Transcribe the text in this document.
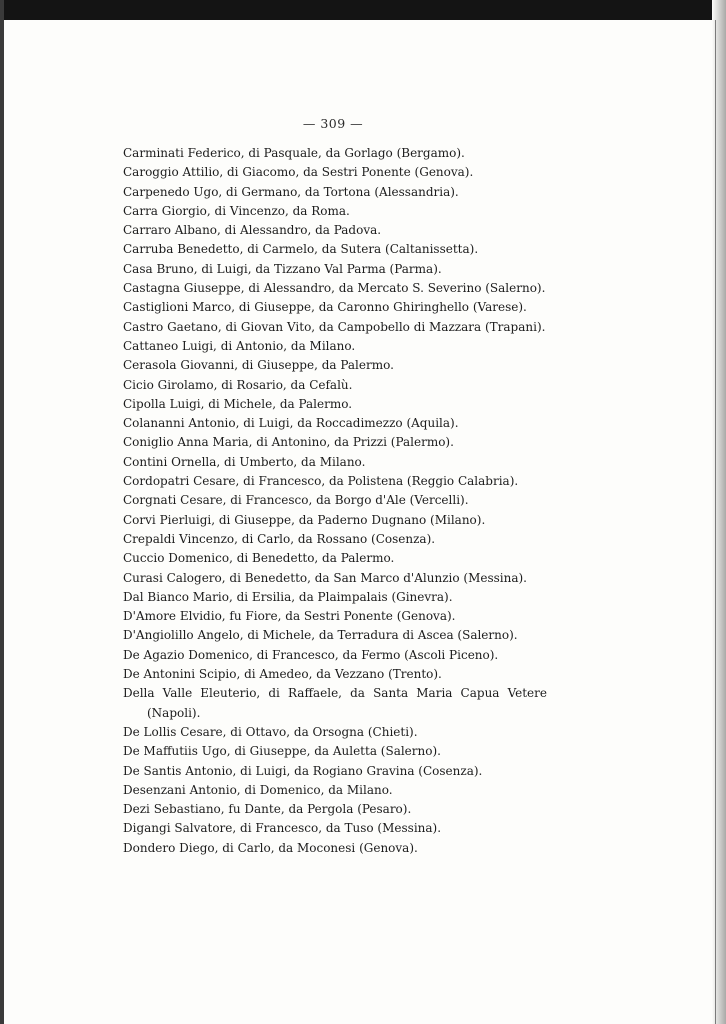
— 309 —
Carminati Federico, di Pasquale, da Gorlago (Bergamo).
Caroggio Attilio, di Giacomo, da Sestri Ponente (Genova).
Carpenedo Ugo, di Germano, da Tortona (Alessandria).
Carra Giorgio, di Vincenzo, da Roma.
Carraro Albano, di Alessandro, da Padova.
Carruba Benedetto, di Carmelo, da Sutera (Caltanissetta).
Casa Bruno, di Luigi, da Tizzano Val Parma (Parma).
Castagna Giuseppe, di Alessandro, da Mercato S. Severino (Salerno).
Castiglioni Marco, di Giuseppe, da Caronno Ghiringhello (Varese).
Castro Gaetano, di Giovan Vito, da Campobello di Mazzara (Trapani).
Cattaneo Luigi, di Antonio, da Milano.
Cerasola Giovanni, di Giuseppe, da Palermo.
Cicio Girolamo, di Rosario, da Cefalù.
Cipolla Luigi, di Michele, da Palermo.
Colananni Antonio, di Luigi, da Roccadimezzo (Aquila).
Coniglio Anna Maria, di Antonino, da Prizzi (Palermo).
Contini Ornella, di Umberto, da Milano.
Cordopatri Cesare, di Francesco, da Polistena (Reggio Calabria).
Corgnati Cesare, di Francesco, da Borgo d'Ale (Vercelli).
Corvi Pierluigi, di Giuseppe, da Paderno Dugnano (Milano).
Crepaldi Vincenzo, di Carlo, da Rossano (Cosenza).
Cuccio Domenico, di Benedetto, da Palermo.
Curasi Calogero, di Benedetto, da San Marco d'Alunzio (Messina).
Dal Bianco Mario, di Ersilia, da Plaimpalais (Ginevra).
D'Amore Elvidio, fu Fiore, da Sestri Ponente (Genova).
D'Angiolillo Angelo, di Michele, da Terradura di Ascea (Salerno).
De Agazio Domenico, di Francesco, da Fermo (Ascoli Piceno).
De Antonini Scipio, di Amedeo, da Vezzano (Trento).
Della Valle Eleuterio, di Raffaele, da Santa Maria Capua Vetere (Napoli).
De Lollis Cesare, di Ottavo, da Orsogna (Chieti).
De Maffutiis Ugo, di Giuseppe, da Auletta (Salerno).
De Santis Antonio, di Luigi, da Rogiano Gravina (Cosenza).
Desenzani Antonio, di Domenico, da Milano.
Dezi Sebastiano, fu Dante, da Pergola (Pesaro).
Digangi Salvatore, di Francesco, da Tuso (Messina).
Dondero Diego, di Carlo, da Moconesi (Genova).
